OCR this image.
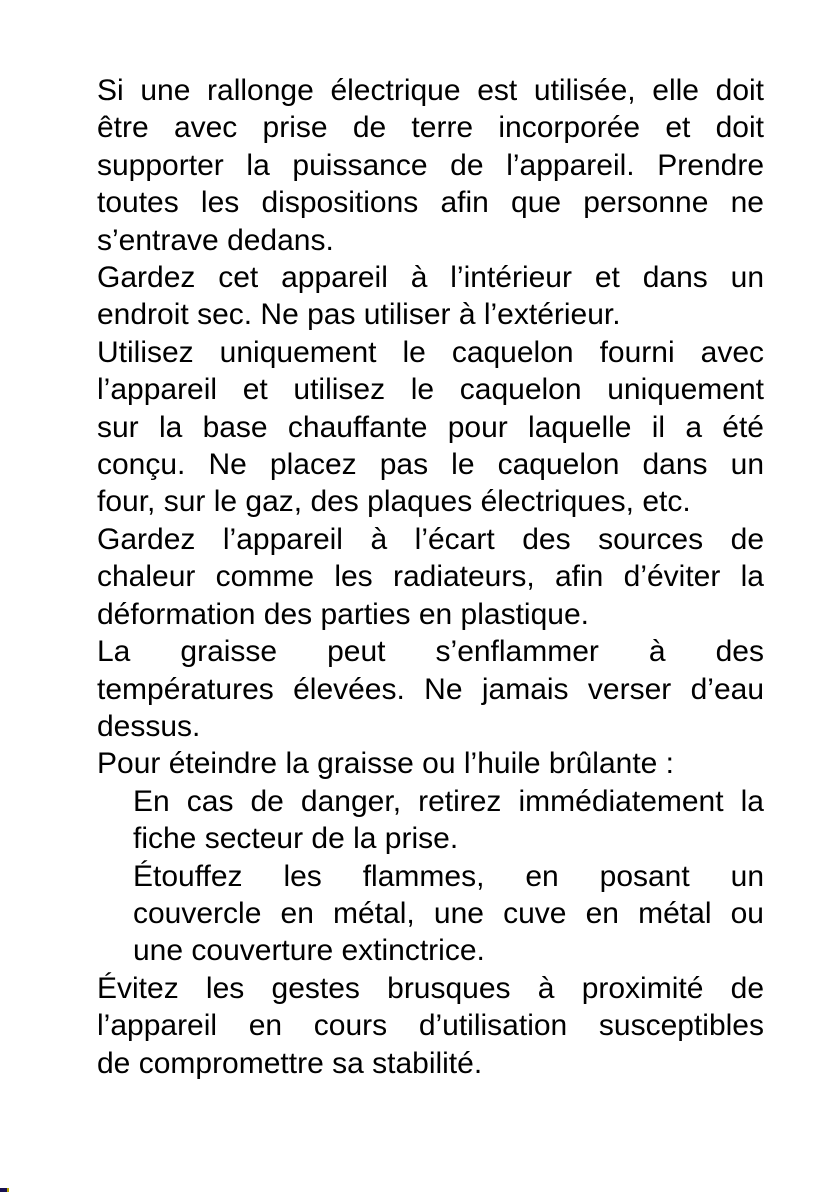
Si une rallonge électrique est utilisée, elle doit
être avec prise de terre incorporée et doit
supporter la puissance de l’appareil. Prendre
toutes les dispositions afin que personne ne
s’entrave dedans.
Gardez cet appareil à l’intérieur et dans un
endroit sec. Ne pas utiliser à l’extérieur.
Utilisez uniquement le caquelon fourni avec
l’appareil et utilisez le caquelon uniquement
sur la base chauffante pour laquelle il a été
conçu. Ne placez pas le caquelon dans un
four, sur le gaz, des plaques électriques, etc.
Gardez l’appareil à l’écart des sources de
chaleur comme les radiateurs, afin d’éviter la
déformation des parties en plastique.
La graisse peut s’enflammer à des
températures élevées. Ne jamais verser d’eau
dessus.
Pour éteindre la graisse ou l’huile brûlante :
En cas de danger, retirez immédiatement la
fiche secteur de la prise.
Étouffez les flammes, en posant un
couvercle en métal, une cuve en métal ou
une couverture extinctrice.
Évitez les gestes brusques à proximité de
l’appareil en cours d’utilisation susceptibles
de compromettre sa stabilité.
